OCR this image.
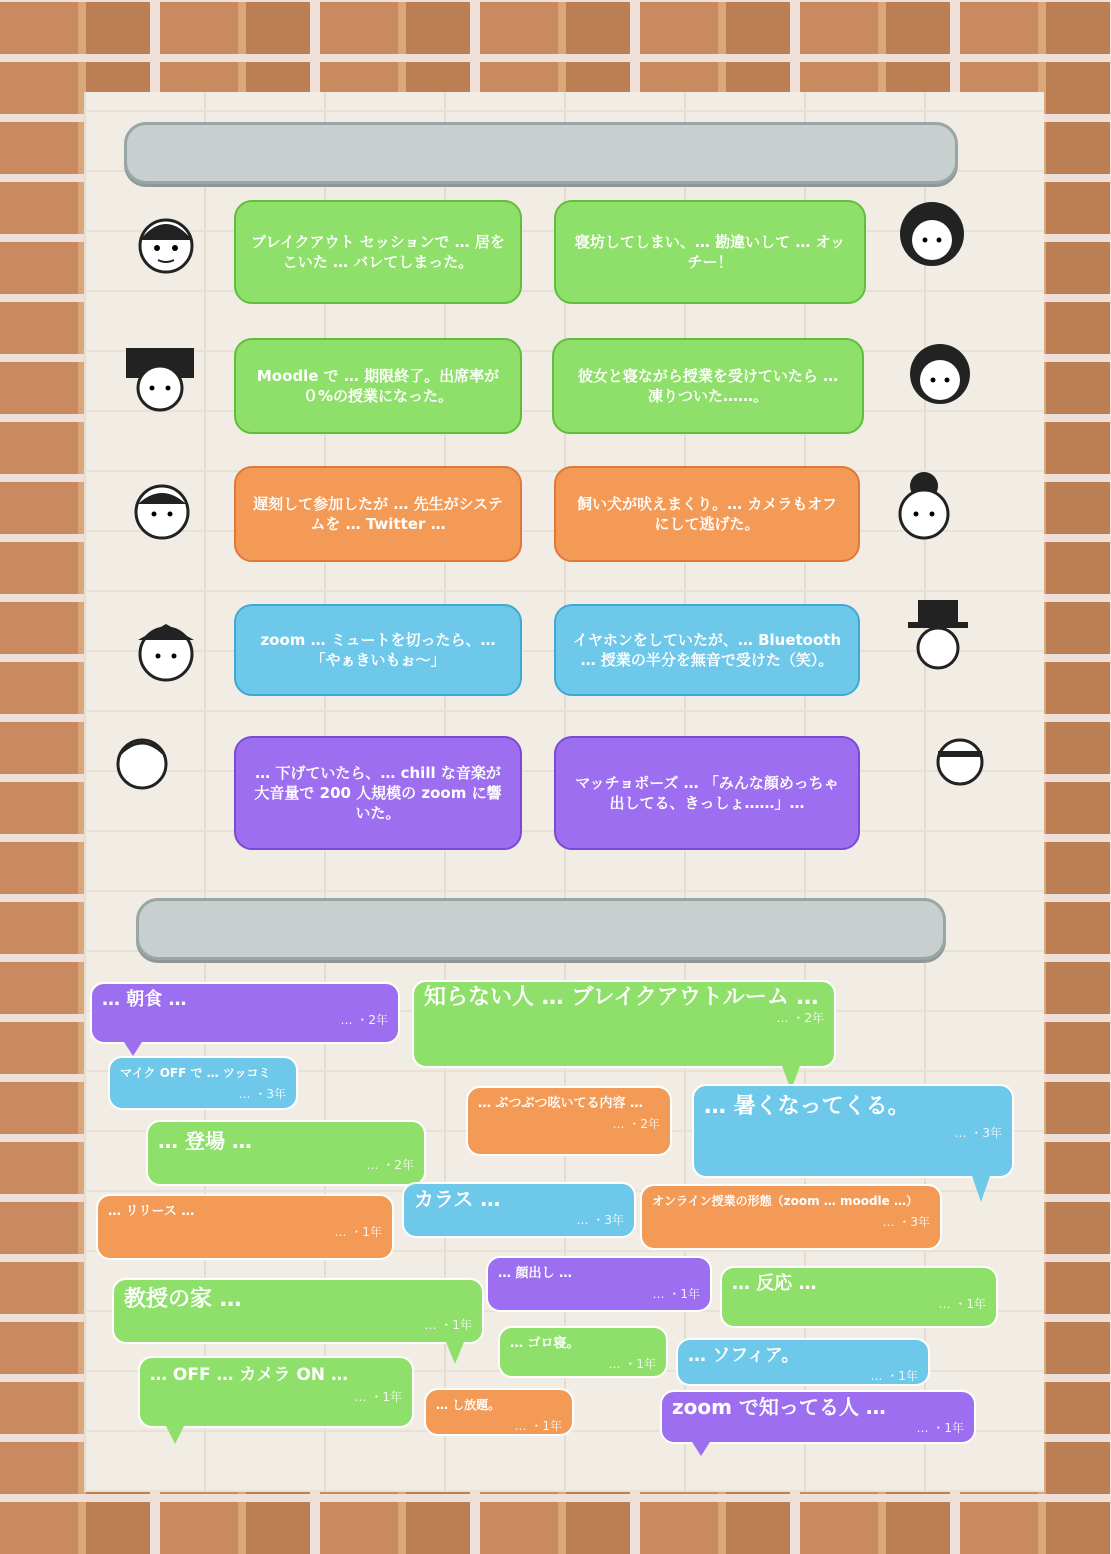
ブレイクアウト セッションで … 居をこいた … バレてしまった。
寝坊してしまい、… 勘違いして … オッチー！
Moodle で … 期限終了。出席率が０%の授業になった。
彼女と寝ながら授業を受けていたら … 凍りついた……。
遅刻して参加したが … 先生がシステムを … Twitter …
飼い犬が吠えまくり。… カメラもオフにして逃げた。
zoom … ミュートを切ったら、… 「やぁきいもぉ〜」
イヤホンをしていたが、… Bluetooth … 授業の半分を無音で受けた（笑）。
… 下げていたら、… chill な音楽が大音量で 200 人規模の zoom に響いた。
マッチョポーズ … 「みんな顔めっちゃ出してる、きっしょ……」…
… 朝食 …
… ・2年
知らない人 … ブレイクアウトルーム …
… ・2年
マイク OFF で … ツッコミ
… ・3年
… ぶつぶつ呟いてる内容 …
… ・2年
… 暑くなってくる。
… ・3年
… 登場 …
… ・2年
カラス …
… ・3年
オンライン授業の形態（zoom … moodle …）
… ・3年
… リリース …
… ・1年
… 顔出し …
… ・1年 … 反応 …
… ・1年
教授の家 …
… ・1年
… ゴロ寝。
… ・1年 … ソフィア。
… ・1年
… OFF … カメラ ON …
… ・1年
… し放題。
… ・1年
zoom で知ってる人 …
… ・1年
